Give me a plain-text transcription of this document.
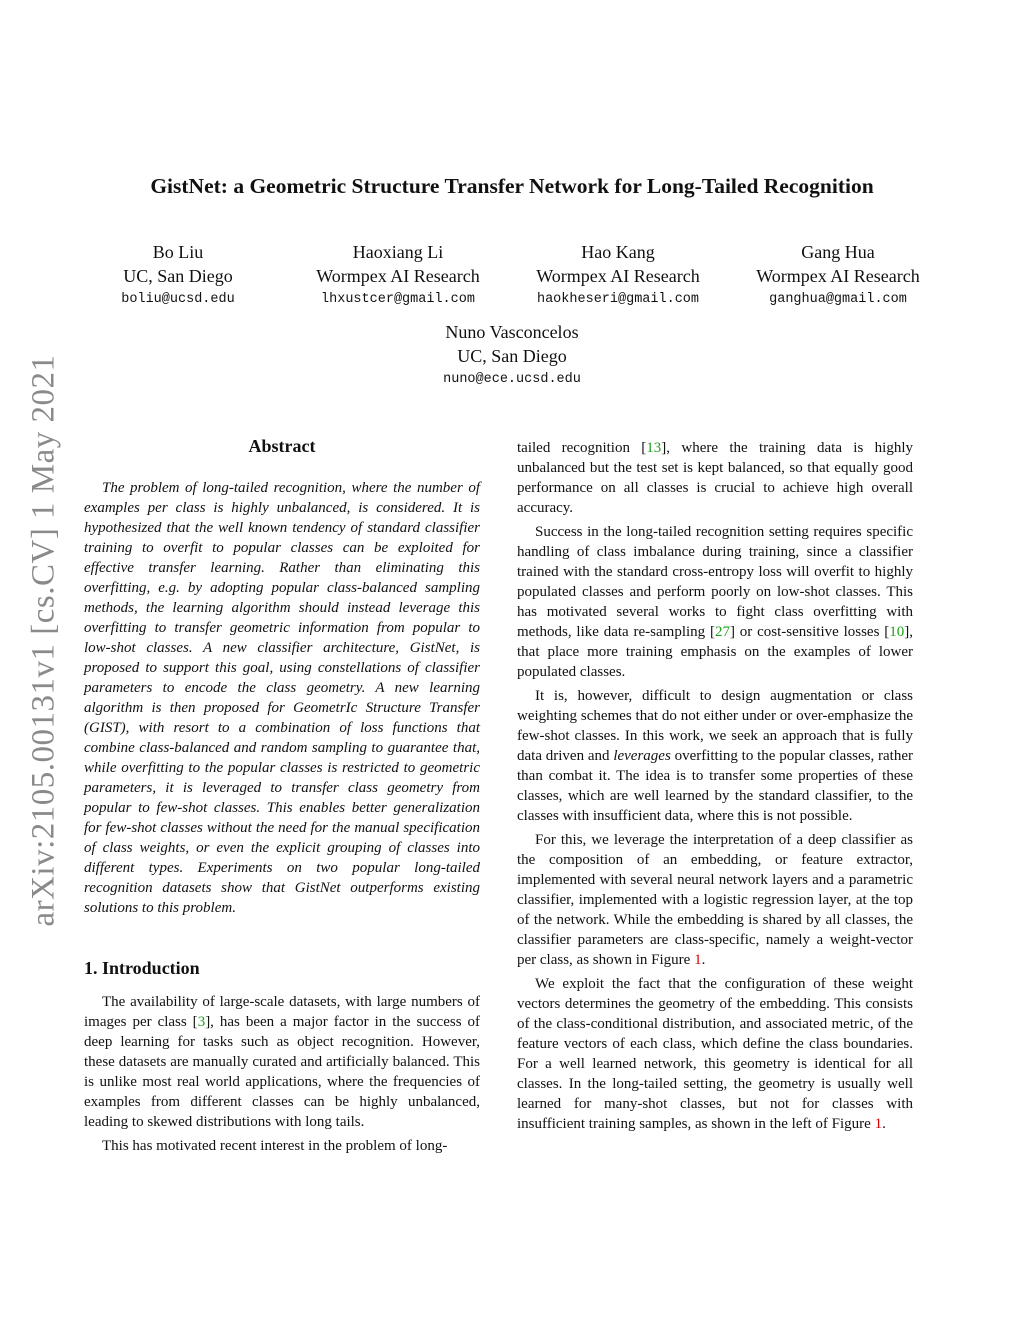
arXiv:2105.00131v1 [cs.CV] 1 May 2021
GistNet: a Geometric Structure Transfer Network for Long-Tailed Recognition
Bo Liu
UC, San Diego
boliu@ucsd.edu
Haoxiang Li
Wormpex AI Research
lhxustcer@gmail.com
Hao Kang
Wormpex AI Research
haokheseri@gmail.com
Gang Hua
Wormpex AI Research
ganghua@gmail.com
Nuno Vasconcelos
UC, San Diego
nuno@ece.ucsd.edu
Abstract

The problem of long-tailed recognition, where the number of examples per class is highly unbalanced, is considered. It is hypothesized that the well known tendency of standard classifier training to overfit to popular classes can be exploited for effective transfer learning. Rather than eliminating this overfitting, e.g. by adopting popular class-balanced sampling methods, the learning algorithm should instead leverage this overfitting to transfer geometric information from popular to low-shot classes. A new classifier architecture, GistNet, is proposed to support this goal, using constellations of classifier parameters to encode the class geometry. A new learning algorithm is then proposed for GeometrIc Structure Transfer (GIST), with resort to a combination of loss functions that combine class-balanced and random sampling to guarantee that, while overfitting to the popular classes is restricted to geometric parameters, it is leveraged to transfer class geometry from popular to few-shot classes. This enables better generalization for few-shot classes without the need for the manual specification of class weights, or even the explicit grouping of classes into different types. Experiments on two popular long-tailed recognition datasets show that GistNet outperforms existing solutions to this problem.

1. Introduction

The availability of large-scale datasets, with large numbers of images per class [3], has been a major factor in the success of deep learning for tasks such as object recognition. However, these datasets are manually curated and artificially balanced. This is unlike most real world applications, where the frequencies of examples from different classes can be highly unbalanced, leading to skewed distributions with long tails.

This has motivated recent interest in the problem of long-

tailed recognition [13], where the training data is highly unbalanced but the test set is kept balanced, so that equally good performance on all classes is crucial to achieve high overall accuracy.

Success in the long-tailed recognition setting requires specific handling of class imbalance during training, since a classifier trained with the standard cross-entropy loss will overfit to highly populated classes and perform poorly on low-shot classes. This has motivated several works to fight class overfitting with methods, like data re-sampling [27] or cost-sensitive losses [10], that place more training emphasis on the examples of lower populated classes.

It is, however, difficult to design augmentation or class weighting schemes that do not either under or over-emphasize the few-shot classes. In this work, we seek an approach that is fully data driven and leverages overfitting to the popular classes, rather than combat it. The idea is to transfer some properties of these classes, which are well learned by the standard classifier, to the classes with insufficient data, where this is not possible.

For this, we leverage the interpretation of a deep classifier as the composition of an embedding, or feature extractor, implemented with several neural network layers and a parametric classifier, implemented with a logistic regression layer, at the top of the network. While the embedding is shared by all classes, the classifier parameters are class-specific, namely a weight-vector per class, as shown in Figure 1.

We exploit the fact that the configuration of these weight vectors determines the geometry of the embedding. This consists of the class-conditional distribution, and associated metric, of the feature vectors of each class, which define the class boundaries. For a well learned network, this geometry is identical for all classes. In the long-tailed setting, the geometry is usually well learned for many-shot classes, but not for classes with insufficient training samples, as shown in the left of Figure 1.
